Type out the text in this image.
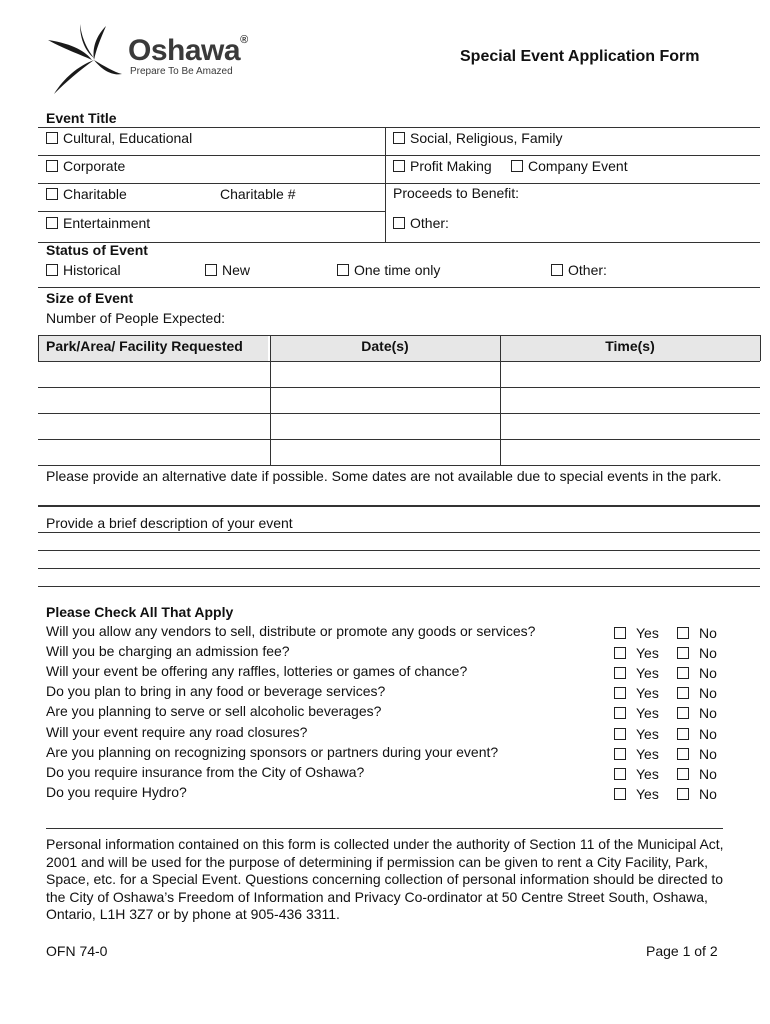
Oshawa®
Prepare To Be Amazed
Special Event Application Form
Event Title
Cultural, Educational	Social, Religious, Family
Corporate	Profit Making	Company Event
Charitable	Charitable #	Proceeds to Benefit:
Entertainment	Other:
Status of Event
Historical	New	One time only	Other:
Size of Event
Number of People Expected:
Park/Area/ Facility Requested	Date(s)	Time(s)
Please provide an alternative date if possible. Some dates are not available due to special events in the park.
Provide a brief description of your event
Please Check All That Apply
Will you allow any vendors to sell, distribute or promote any goods or services?	Yes	No
Will you be charging an admission fee?	Yes	No
Will your event be offering any raffles, lotteries or games of chance?	Yes	No
Do you plan to bring in any food or beverage services?	Yes	No
Are you planning to serve or sell alcoholic beverages?	Yes	No
Will your event require any road closures?	Yes	No
Are you planning on recognizing sponsors or partners during your event?	Yes	No
Do you require insurance from the City of Oshawa?	Yes	No
Do you require Hydro?	Yes	No
Personal information contained on this form is collected under the authority of Section 11 of the Municipal Act, 2001 and will be used for the purpose of determining if permission can be given to rent a City Facility, Park, Space, etc. for a Special Event. Questions concerning collection of personal information should be directed to the City of Oshawa’s Freedom of Information and Privacy Co-ordinator at 50 Centre Street South, Oshawa, Ontario, L1H 3Z7 or by phone at 905-436 3311.
OFN 74-0	Page 1 of 2
